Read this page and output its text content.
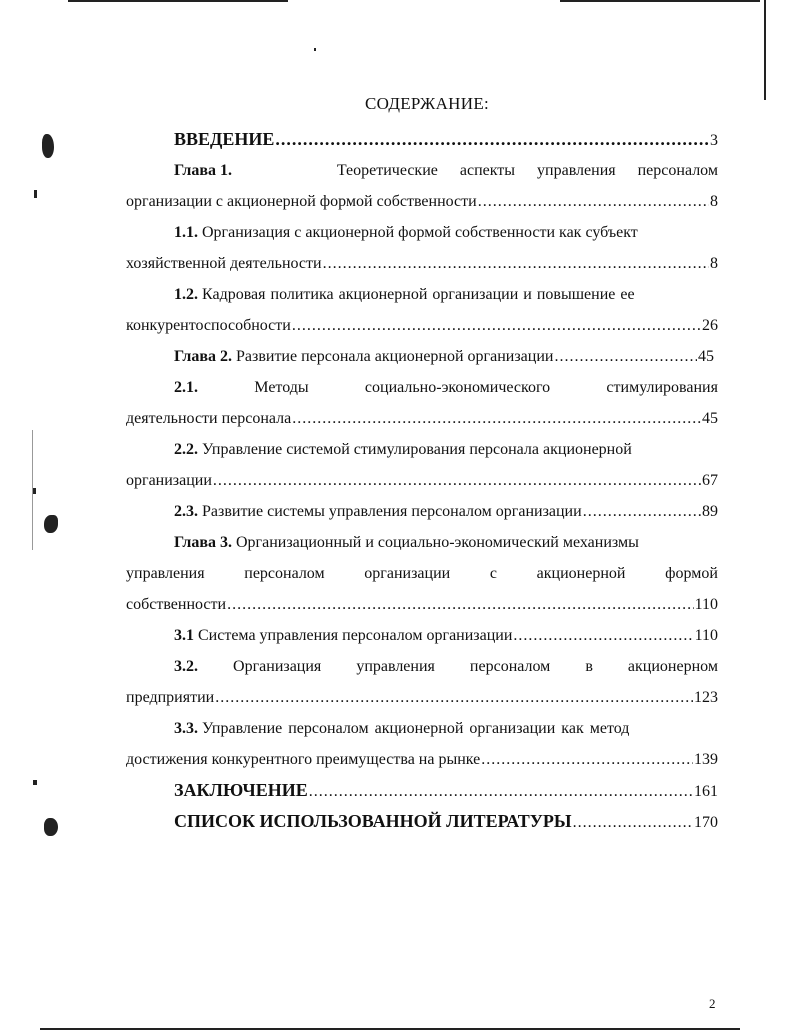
СОДЕРЖАНИЕ:
ВВЕДЕНИЕ .....	3
Глава 1.	Теоретические аспекты управления персоналом
организации с акционерной формой собственности .....	8
1.1.
Организация с акционерной формой собственности как субъект
хозяйственной деятельности .....	8
1.2.
Кадровая политика акционерной организации и повышение ее
конкурентоспособности .....	26
Глава 2.
Развитие персонала акционерной организации .....	45
2.1.	Методы	социально-экономического	стимулирования
деятельности персонала .....	45
2.2.
Управление системой стимулирования персонала акционерной
организации .....	67
2.3.
Развитие системы управления персоналом организации .....	89
Глава 3.
Организационный и социально-экономический механизмы
управления персоналом организации с акционерной формой
собственности .....	110
3.1
Система управления персоналом организации .....	110
3.2. Организация управления персоналом в акционерном
предприятии .....	123
3.3.
Управление персоналом акционерной организации как метод
достижения конкурентного преимущества на рынке .....	139
ЗАКЛЮЧЕНИЕ .....	161
СПИСОК ИСПОЛЬЗОВАННОЙ ЛИТЕРАТУРЫ .....	170
2
